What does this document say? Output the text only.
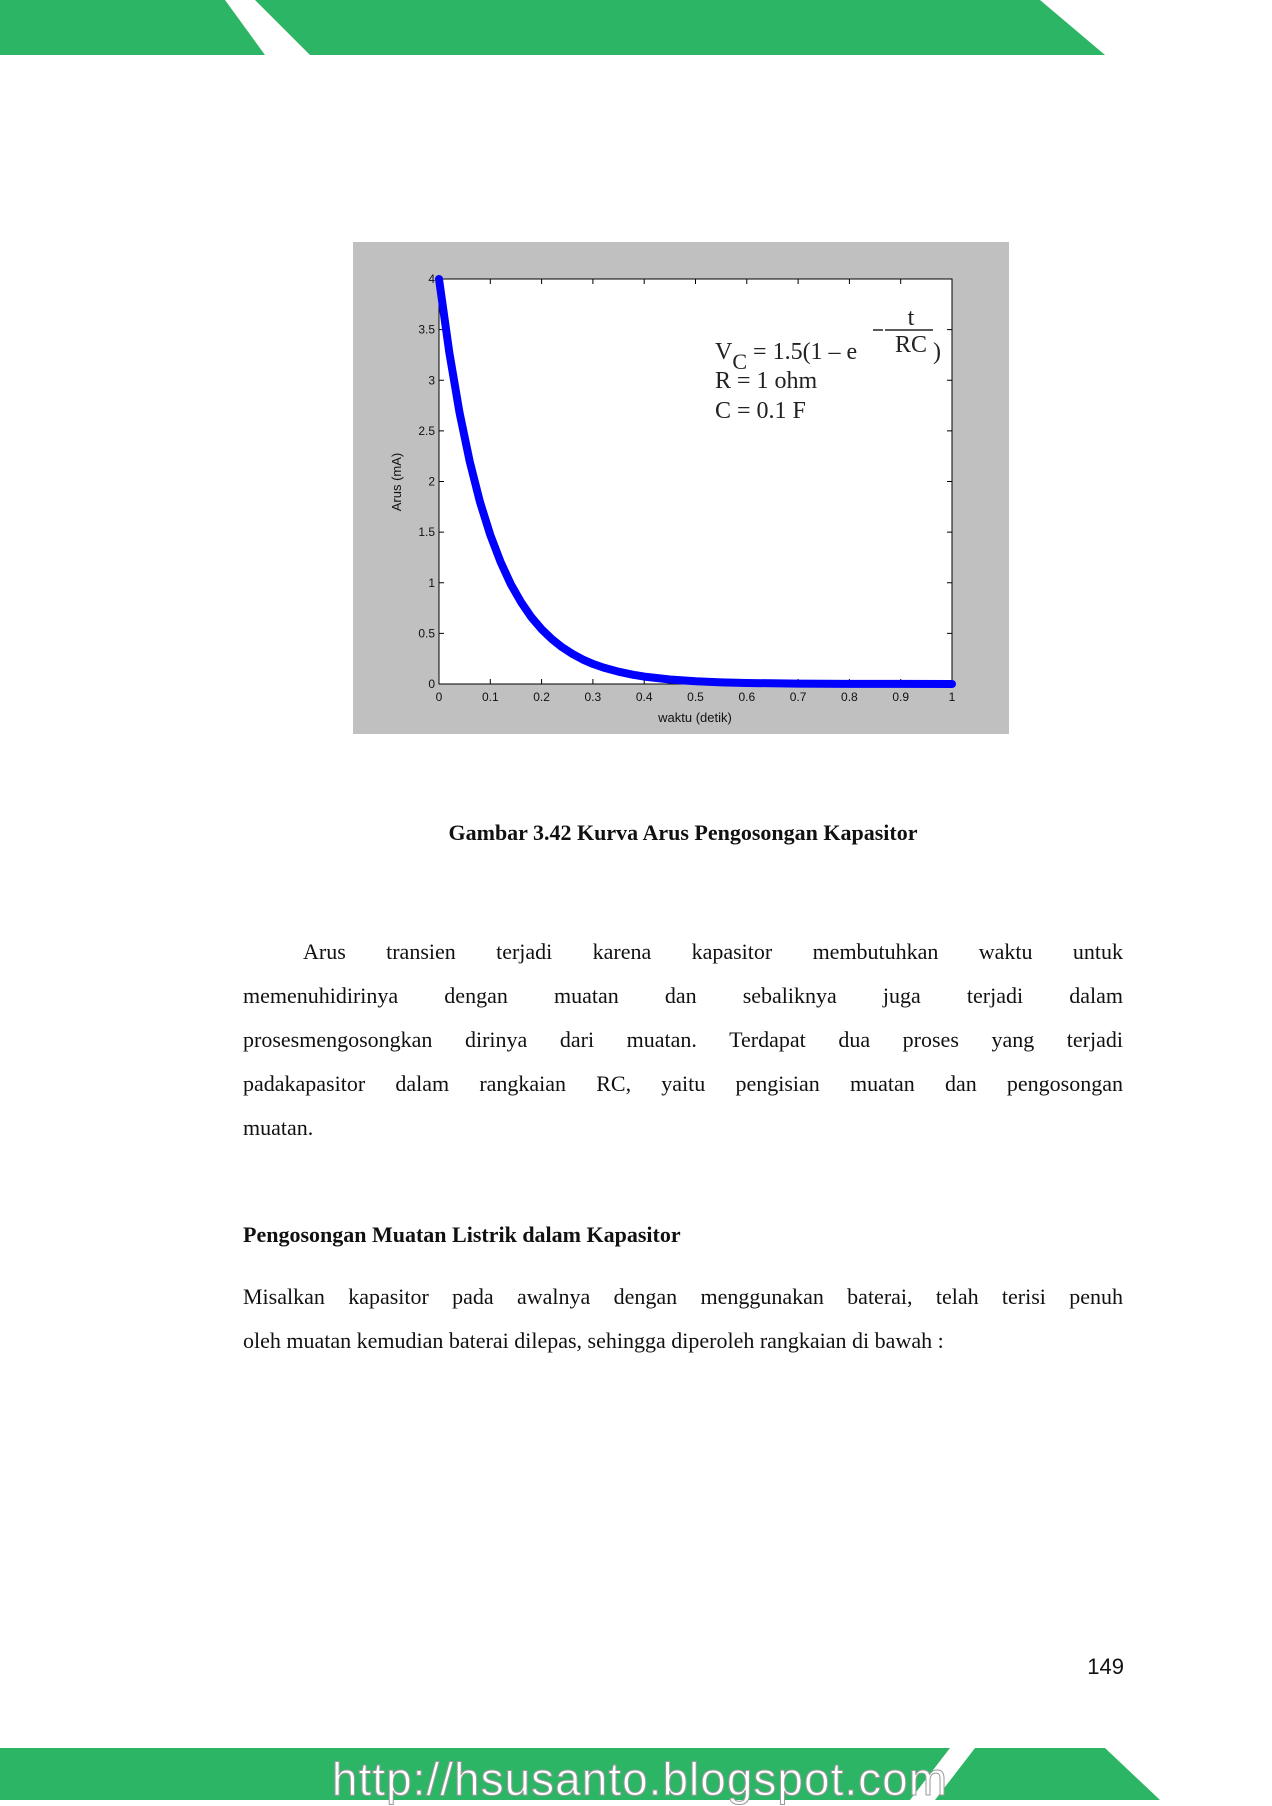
0	0.1	0.2	0.3	0.4	0.5	0.6	0.7	0.8	0.9	1
0
0.5
1
1.5
2
2.5
3
3.5
4
waktu (detik)
Arus (mA)
VC = 1.5(1 – e
t
RC )
R = 1 ohm
C = 0.1 F
Gambar 3.42 Kurva Arus Pengosongan Kapasitor
Arus transien terjadi karena kapasitor membutuhkan waktu untuk
memenuhidirinya dengan muatan dan sebaliknya juga terjadi dalam
prosesmengosongkan dirinya dari muatan. Terdapat dua proses yang terjadi
padakapasitor dalam rangkaian RC, yaitu pengisian muatan dan pengosongan
muatan.
Pengosongan Muatan Listrik dalam Kapasitor
Misalkan kapasitor pada awalnya dengan menggunakan baterai, telah terisi penuh
oleh muatan kemudian baterai dilepas, sehingga diperoleh rangkaian di bawah :
149
http://hsusanto.blogspot.com
